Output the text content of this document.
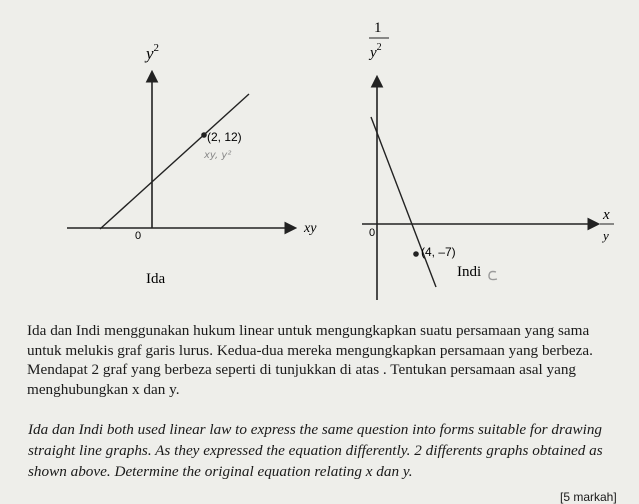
$y^2$
xy
0
(2, 12)
xy, y²
Ida
1
$y^2$
x
y
0
(4, –7)
Indi
Ida dan Indi menggunakan hukum linear untuk mengungkapkan suatu persamaan yang sama untuk melukis graf garis lurus. Kedua-dua mereka mengungkapkan persamaan yang berbeza. Mendapat 2 graf yang berbeza seperti di tunjukkan di atas . Tentukan persamaan asal yang menghubungkan x dan y.
Ida dan Indi both used linear law to express the same question into forms suitable for drawing straight line graphs. As they expressed the equation differently. 2 differents graphs obtained as shown above. Determine the original equation relating x dan y.
[5 markah]
